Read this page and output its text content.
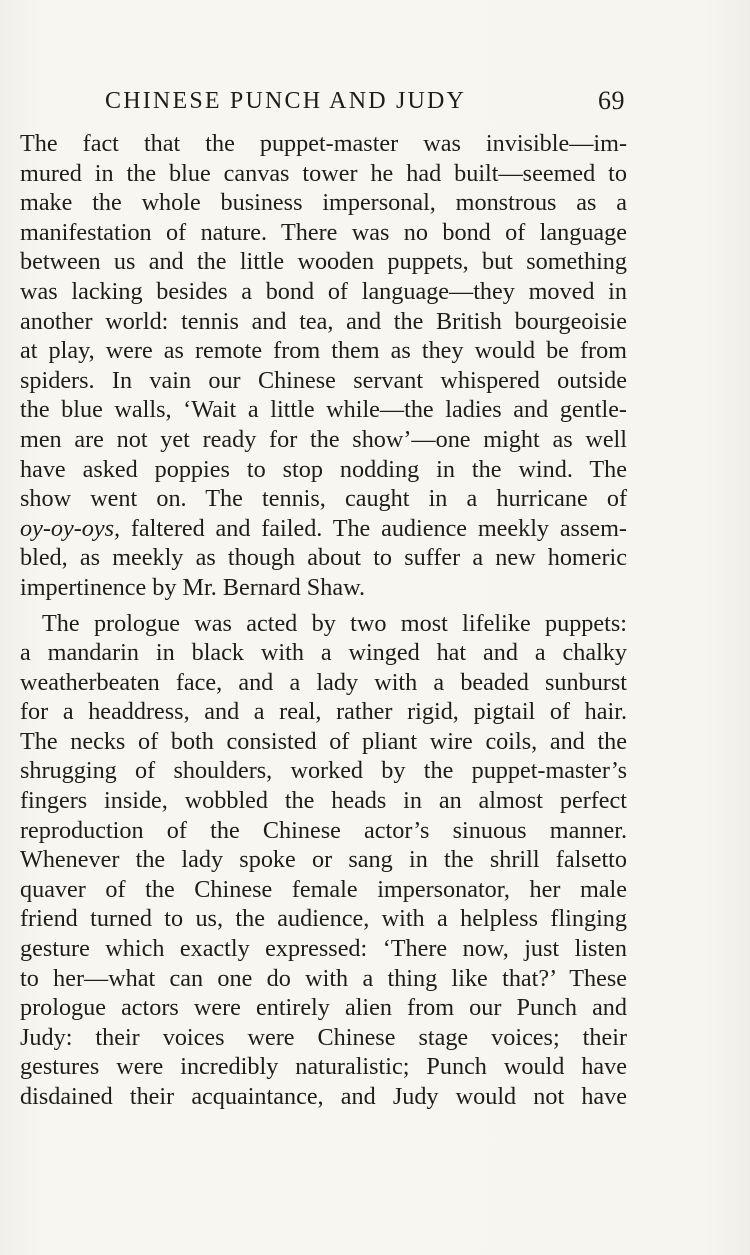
CHINESE PUNCH AND JUDY	69

The fact that the puppet-master was invisible—im-
mured in the blue canvas tower he had built—seemed to
make the whole business impersonal, monstrous as a
manifestation of nature. There was no bond of language
between us and the little wooden puppets, but something
was lacking besides a bond of language—they moved in
another world: tennis and tea, and the British bourgeoisie
at play, were as remote from them as they would be from
spiders. In vain our Chinese servant whispered outside
the blue walls, ‘Wait a little while—the ladies and gentle-
men are not yet ready for the show’—one might as well
have asked poppies to stop nodding in the wind. The
show went on. The tennis, caught in a hurricane of
oy-oy-oys, faltered and failed. The audience meekly assem-
bled, as meekly as though about to suffer a new homeric
impertinence by Mr. Bernard Shaw.

The prologue was acted by two most lifelike puppets:
a mandarin in black with a winged hat and a chalky
weatherbeaten face, and a lady with a beaded sunburst
for a headdress, and a real, rather rigid, pigtail of hair.
The necks of both consisted of pliant wire coils, and the
shrugging of shoulders, worked by the puppet-master’s
fingers inside, wobbled the heads in an almost perfect
reproduction of the Chinese actor’s sinuous manner.
Whenever the lady spoke or sang in the shrill falsetto
quaver of the Chinese female impersonator, her male
friend turned to us, the audience, with a helpless flinging
gesture which exactly expressed: ‘There now, just listen
to her—what can one do with a thing like that?’ These
prologue actors were entirely alien from our Punch and
Judy: their voices were Chinese stage voices; their
gestures were incredibly naturalistic; Punch would have
disdained their acquaintance, and Judy would not have
